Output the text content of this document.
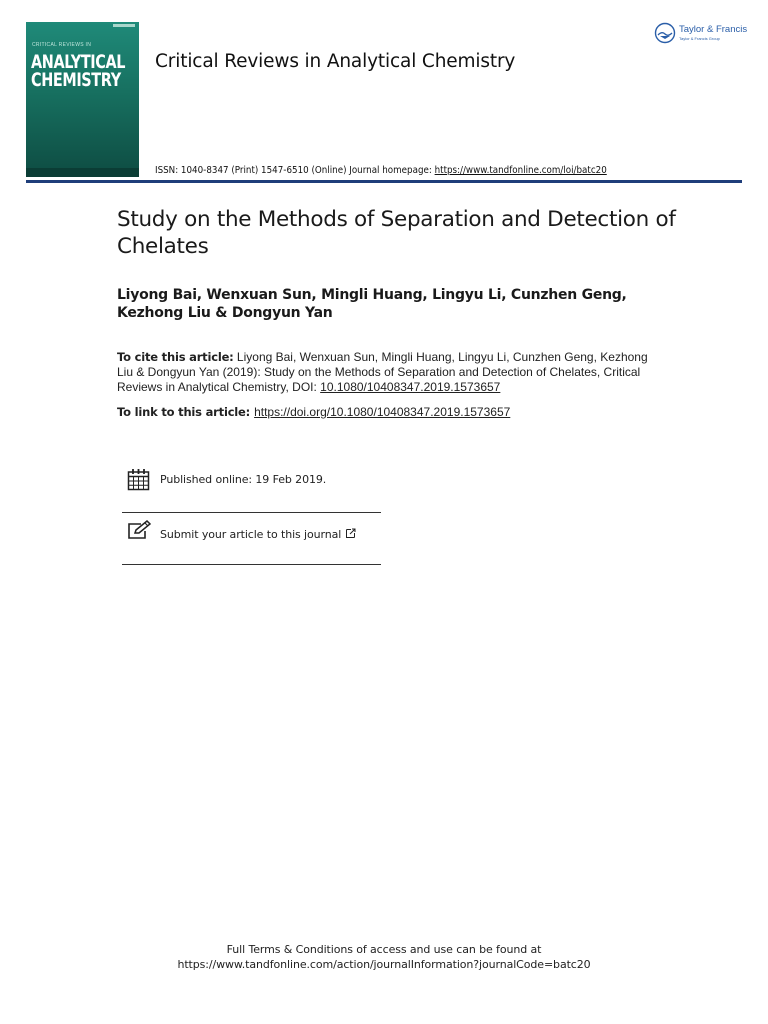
CRITICAL REVIEWS IN
ANALYTICAL
CHEMISTRY
Critical Reviews in Analytical Chemistry
Taylor & Francis
Taylor & Francis Group
ISSN: 1040-8347 (Print) 1547-6510 (Online) Journal homepage: https://www.tandfonline.com/loi/batc20
Study on the Methods of Separation and Detection of Chelates
Liyong Bai, Wenxuan Sun, Mingli Huang, Lingyu Li, Cunzhen Geng, Kezhong Liu & Dongyun Yan
To cite this article: Liyong Bai, Wenxuan Sun, Mingli Huang, Lingyu Li, Cunzhen Geng, Kezhong Liu & Dongyun Yan (2019): Study on the Methods of Separation and Detection of Chelates, Critical Reviews in Analytical Chemistry, DOI: 10.1080/10408347.2019.1573657
To link to this article: https://doi.org/10.1080/10408347.2019.1573657
Published online: 19 Feb 2019.
Submit your article to this journal
Full Terms & Conditions of access and use can be found at
https://www.tandfonline.com/action/journalInformation?journalCode=batc20
